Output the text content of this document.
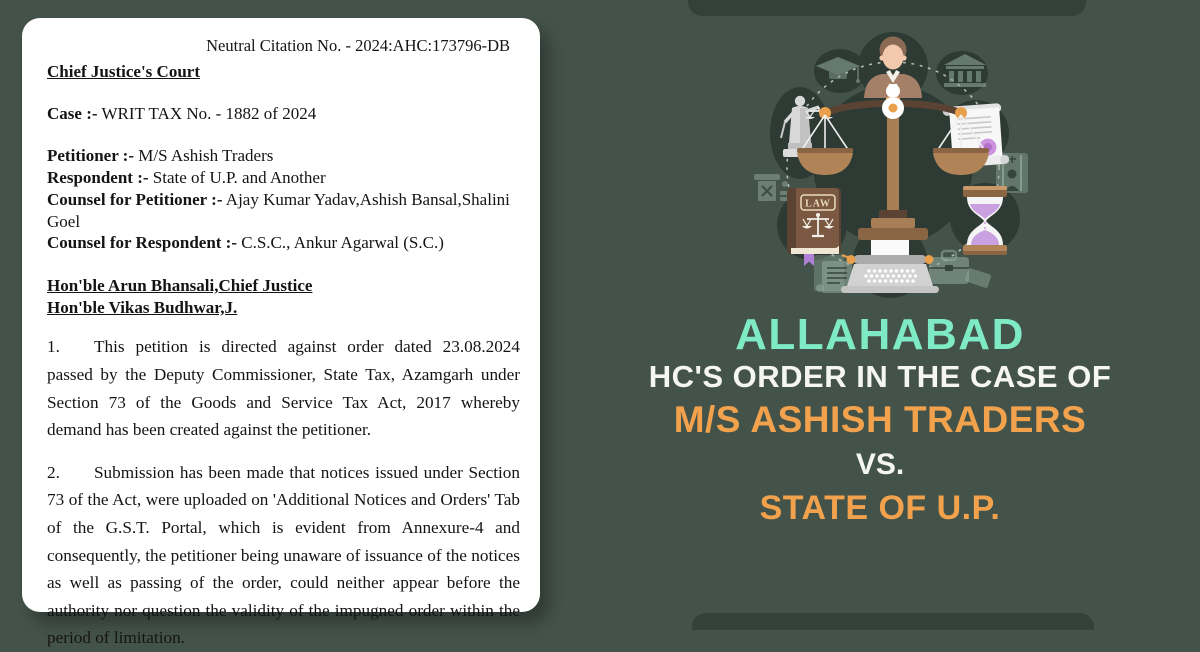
Neutral Citation No. - 2024:AHC:173796-DB
Chief Justice's Court
Case :- WRIT TAX No. - 1882 of 2024
Petitioner :- M/S Ashish Traders
Respondent :- State of U.P. and Another
Counsel for Petitioner :- Ajay Kumar Yadav,Ashish Bansal,Shalini Goel
Counsel for Respondent :- C.S.C., Ankur Agarwal (S.C.)
Hon'ble Arun Bhansali,Chief Justice
Hon'ble Vikas Budhwar,J.

1. This petition is directed against order dated 23.08.2024 passed by the Deputy Commissioner, State Tax, Azamgarh under Section 73 of the Goods and Service Tax Act, 2017 whereby demand has been created against the petitioner.

2. Submission has been made that notices issued under Section 73 of the Act, were uploaded on 'Additional Notices and Orders' Tab of the G.S.T. Portal, which is evident from Annexure-4 and consequently, the petitioner being unaware of issuance of the notices as well as passing of the order, could neither appear before the authority nor question the validity of the impugned order within the period of limitation.

LAW
ALLAHABAD
HC'S ORDER IN THE CASE OF
M/S ASHISH TRADERS
VS.
STATE OF U.P.
